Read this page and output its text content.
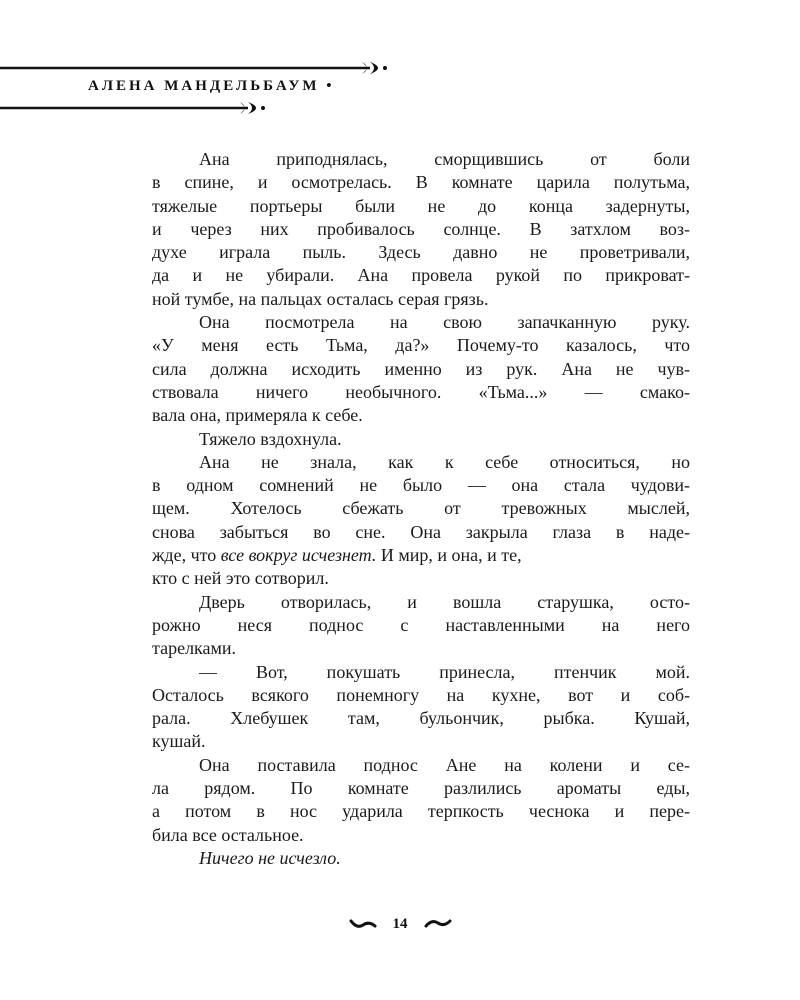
АЛЕНА МАНДЕЛЬБАУМ •
Ана приподнялась, сморщившись от боли
в спине, и осмотрелась. В комнате царила полутьма,
тяжелые портьеры были не до конца задернуты,
и через них пробивалось солнце. В затхлом воз-
духе играла пыль. Здесь давно не проветривали,
да и не убирали. Ана провела рукой по прикроват-
ной тумбе, на пальцах осталась серая грязь.
Она посмотрела на свою запачканную руку.
«У меня есть Тьма, да?» Почему-то казалось, что
сила должна исходить именно из рук. Ана не чув-
ствовала ничего необычного. «Тьма...» — смако-
вала она, примеряла к себе.
Тяжело вздохнула.
Ана не знала, как к себе относиться, но
в одном сомнений не было — она стала чудови-
щем. Хотелось сбежать от тревожных мыслей,
снова забыться во сне. Она закрыла глаза в наде-
жде, что все вокруг исчезнет. И мир, и она, и те,
кто с ней это сотворил.
Дверь отворилась, и вошла старушка, осто-
рожно неся поднос с наставленными на него
тарелками.
— Вот, покушать принесла, птенчик мой.
Осталось всякого понемногу на кухне, вот и соб-
рала. Хлебушек там, бульончик, рыбка. Кушай,
кушай.
Она поставила поднос Ане на колени и се-
ла рядом. По комнате разлились ароматы еды,
а потом в нос ударила терпкость чеснока и пере-
била все остальное.
Ничего не исчезло.
14
